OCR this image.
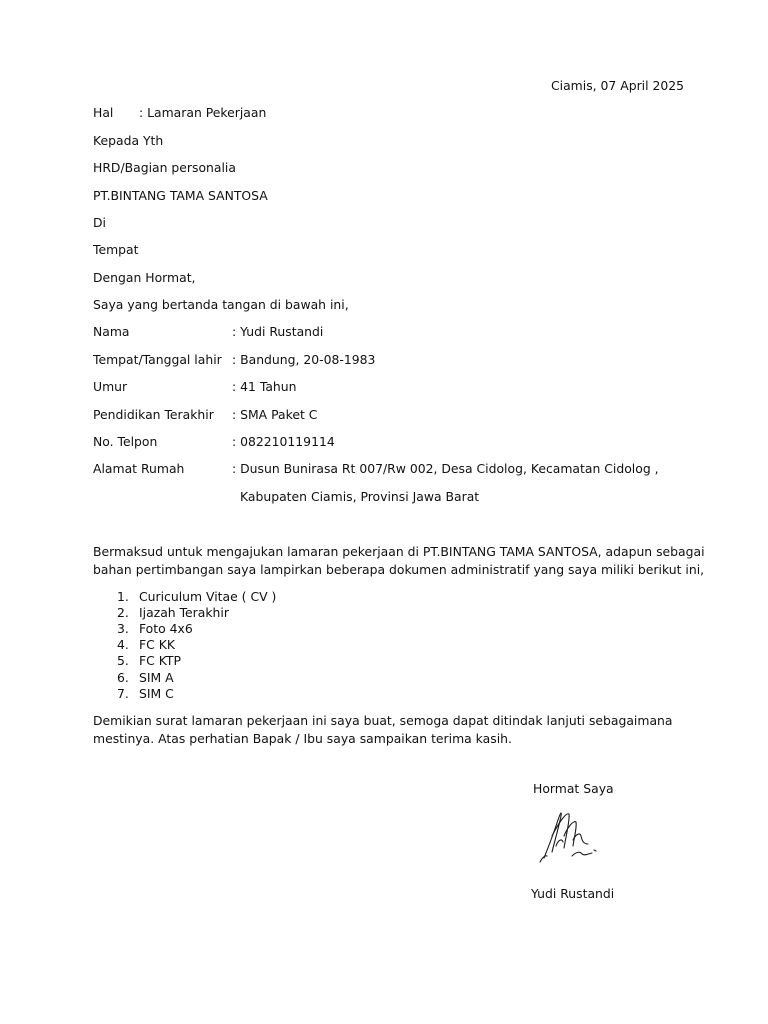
Ciamis, 07 April 2025
Hal : Lamaran Pekerjaan
Kepada Yth
HRD/Bagian personalia
PT.BINTANG TAMA SANTOSA
Di
Tempat
Dengan Hormat,
Saya yang bertanda tangan di bawah ini,
Nama	: Yudi Rustandi
Tempat/Tanggal lahir : Bandung, 20-08-1983
Umur	: 41 Tahun
Pendidikan Terakhir : SMA Paket C
No. Telpon	: 082210119114
Alamat Rumah	: Dusun Bunirasa Rt 007/Rw 002, Desa Cidolog, Kecamatan Cidolog ,
Kabupaten Ciamis, Provinsi Jawa Barat
Bermaksud untuk mengajukan lamaran pekerjaan di PT.BINTANG TAMA SANTOSA, adapun sebagai
bahan pertimbangan saya lampirkan beberapa dokumen administratif yang saya miliki berikut ini,
1. Curiculum Vitae ( CV )
2. Ijazah Terakhir
3. Foto 4x6
4. FC KK
5. FC KTP
6. SIM A
7. SIM C
Demikian surat lamaran pekerjaan ini saya buat, semoga dapat ditindak lanjuti sebagaimana
mestinya. Atas perhatian Bapak / Ibu saya sampaikan terima kasih.
Hormat Saya
Yudi Rustandi
